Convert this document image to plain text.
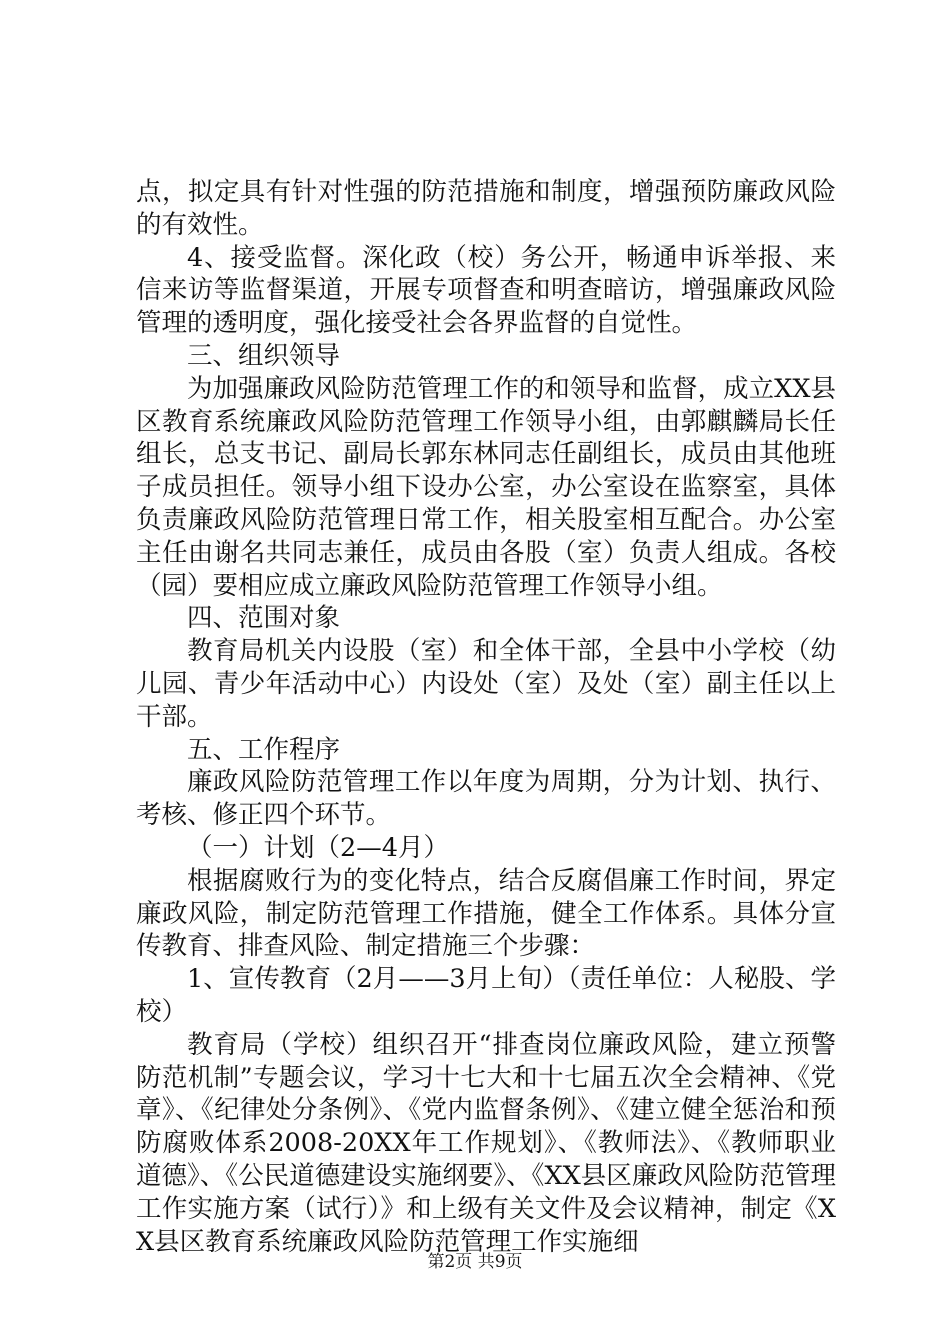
点，拟定具有针对性强的防范措施和制度，增强预防廉政风险的有效性。

4、接受监督。深化政（校）务公开，畅通申诉举报、来信来访等监督渠道，开展专项督查和明查暗访，增强廉政风险管理的透明度，强化接受社会各界监督的自觉性。

三、组织领导

为加强廉政风险防范管理工作的和领导和监督，成立XX县区教育系统廉政风险防范管理工作领导小组，由郭麒麟局长任组长，总支书记、副局长郭东林同志任副组长，成员由其他班子成员担任。领导小组下设办公室，办公室设在监察室，具体负责廉政风险防范管理日常工作，相关股室相互配合。办公室主任由谢名共同志兼任，成员由各股（室）负责人组成。各校（园）要相应成立廉政风险防范管理工作领导小组。

四、范围对象

教育局机关内设股（室）和全体干部，全县中小学校（幼儿园、青少年活动中心）内设处（室）及处（室）副主任以上干部。

五、工作程序

廉政风险防范管理工作以年度为周期，分为计划、执行、考核、修正四个环节。

（一）计划（2—4月）

根据腐败行为的变化特点，结合反腐倡廉工作时间，界定廉政风险，制定防范管理工作措施，健全工作体系。具体分宣传教育、排查风险、制定措施三个步骤：

1、宣传教育（2月——3月上旬）（责任单位：人秘股、学校）

教育局（学校）组织召开“排查岗位廉政风险，建立预警防范机制”专题会议，学习十七大和十七届五次全会精神、《党章》、《纪律处分条例》、《党内监督条例》、《建立健全惩治和预防腐败体系2008-20XX年工作规划》、《教师法》、《教师职业道德》、《公民道德建设实施纲要》、《XX县区廉政风险防范管理工作实施方案（试行）》和上级有关文件及会议精神，制定《XX县区教育系统廉政风险防范管理工作实施细

第2页 共9页
